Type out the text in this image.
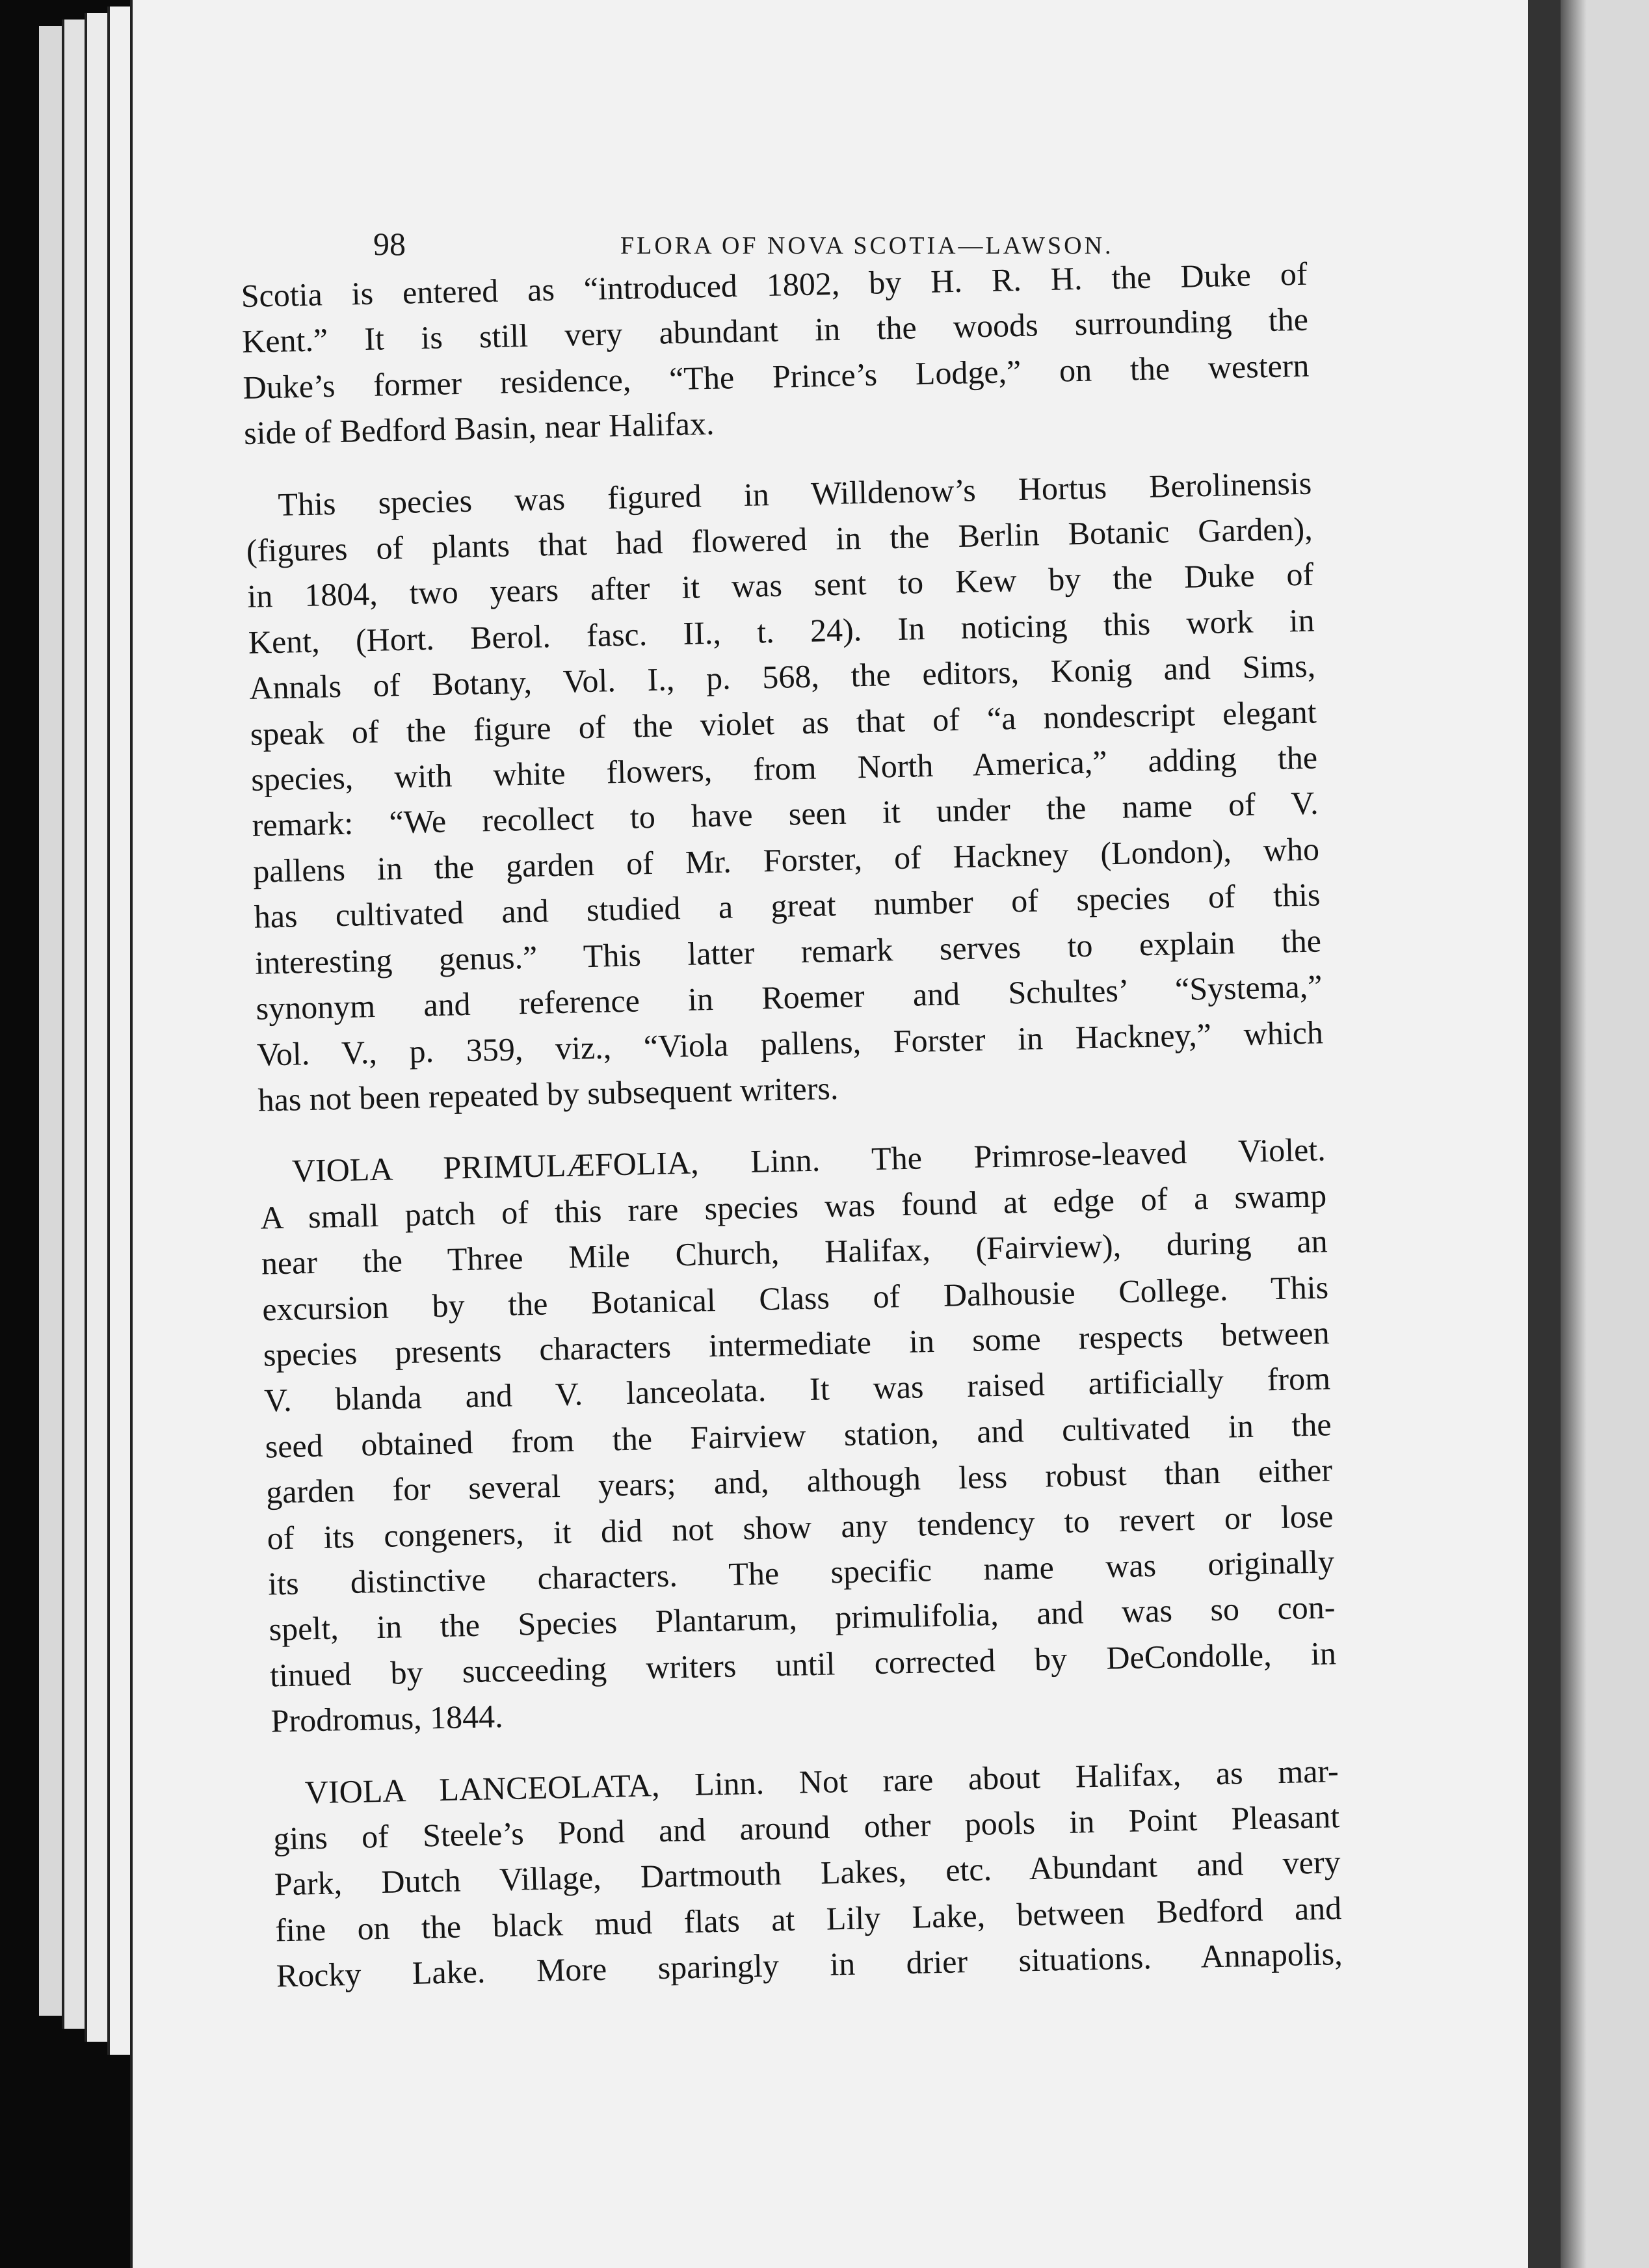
98	FLORA OF NOVA SCOTIA—LAWSON.

Scotia is entered as “introduced 1802, by H. R. H. the Duke of

Kent.” It is still very abundant in the woods surrounding the

Duke’s former residence, “The Prince’s Lodge,” on the western

side of Bedford Basin, near Halifax.

This species was figured in Willdenow’s Hortus Berolinensis

(figures of plants that had flowered in the Berlin Botanic Garden),

in 1804, two years after it was sent to Kew by the Duke of

Kent, (Hort. Berol. fasc. II., t. 24). In noticing this work in

Annals of Botany, Vol. I., p. 568, the editors, Konig and Sims,

speak of the figure of the violet as that of “a nondescript elegant

species, with white flowers, from North America,” adding the

remark: “We recollect to have seen it under the name of V.

pallens in the garden of Mr. Forster, of Hackney (London), who

has cultivated and studied a great number of species of this

interesting genus.” This latter remark serves to explain the

synonym and reference in Roemer and Schultes’ “Systema,”

Vol. V., p. 359, viz., “Viola pallens, Forster in Hackney,” which

has not been repeated by subsequent writers.

VIOLA PRIMULÆFOLIA, Linn. The Primrose-leaved Violet.

A small patch of this rare species was found at edge of a swamp

near the Three Mile Church, Halifax, (Fairview), during an

excursion by the Botanical Class of Dalhousie College. This

species presents characters intermediate in some respects between

V. blanda and V. lanceolata. It was raised artificially from

seed obtained from the Fairview station, and cultivated in the

garden for several years; and, although less robust than either

of its congeners, it did not show any tendency to revert or lose

its distinctive characters. The specific name was originally

spelt, in the Species Plantarum, primulifolia, and was so con-

tinued by succeeding writers until corrected by DeCondolle, in

Prodromus, 1844.

VIOLA LANCEOLATA, Linn. Not rare about Halifax, as mar-

gins of Steele’s Pond and around other pools in Point Pleasant

Park, Dutch Village, Dartmouth Lakes, etc. Abundant and very

fine on the black mud flats at Lily Lake, between Bedford and

Rocky Lake. More sparingly in drier situations. Annapolis,
